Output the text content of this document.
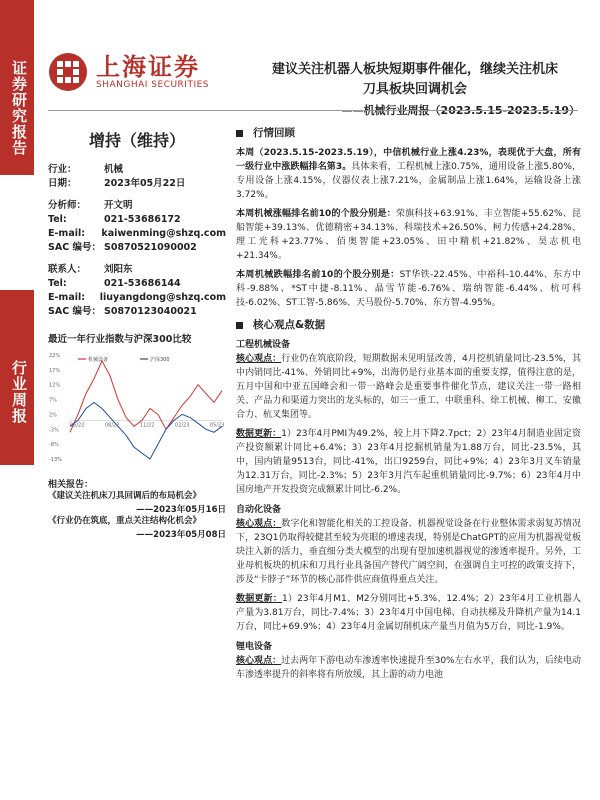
证券研究报告
行业周报
上海证券
SHANGHAI SECURITIES
建议关注机器人板块短期事件催化，继续关注机床
刀具板块回调机会
——机械行业周报（2023.5.15-2023.5.19）
增持（维持）
行业：	机械
日期：	2023年05月22日
分析师：	开文明
Tel:	021-53686172
E-mail:	kaiwenming@shzq.com
SAC 编号： S0870521090002
联系人：	刘阳东
Tel:	021-53686144
E-mail:	liuyangdong@shzq.com
SAC 编号： S0870123040021
最近一年行业指数与沪深300比较
-13%
-8%
-3%
2%
7%
12%
17%
22%
05/22	08/22	11/22	02/23	05/23
机械设备	沪深300
相关报告：
《建议关注机床刀具回调后的布局机会》
——2023年05月16日
《行业仍在筑底，重点关注结构化机会》
——2023年05月08日
行情回顾

本周（2023.5.15-2023.5.19），中信机械行业上涨4.23%，表现优于大盘，所有一级行业中涨跌幅排名第3。具体来看，工程机械上涨0.75%，通用设备上涨5.80%，专用设备上涨4.15%，仪器仪表上涨7.21%，金属制品上涨1.64%，运输设备上涨3.72%。

本周机械涨幅排名前10的个股分别是：荣旗科技+63.91%、丰立智能+55.62%、昆船智能+39.13%、优德精密+34.13%、科瑞技术+26.50%、柯力传感+24.28%、理工光科+23.77%、佰奥智能+23.05%、田中精机+21.82%、昊志机电+21.34%。

本周机械跌幅排名前10的个股分别是：ST华铁-22.45%、中裕科-10.44%、东方中科-9.88%、*ST中捷-8.11%、晶雪节能-6.76%、瑞纳智能-6.44%、杭可科技-6.02%、ST工智-5.86%、天马股份-5.70%、东方智-4.95%。

核心观点&数据
工程机械设备

核心观点：行业仍在筑底阶段，短期数据未见明显改善，4月挖机销量同比-23.5%，其中内销同比-41%、外销同比+9%，出海仍是行业基本面的重要支撑，值得注意的是，五月中国和中亚五国峰会和一带一路峰会是重要事件催化节点，建议关注一带一路相关、产品力和渠道力突出的龙头标的，如三一重工、中联重科、徐工机械、柳工、安徽合力、杭叉集团等。

数据更新：1）23年4月PMI为49.2%，较上月下降2.7pct；2）23年4月制造业固定资产投资额累计同比+6.4%；3）23年4月挖掘机销量为1.88万台，同比-23.5%，其中，国内销量9513台，同比-41%，出口9259台，同比+9%；4）23年3月叉车销量为12.31万台，同比-2.3%；5）23年3月汽车起重机销量同比-9.7%；6）23年4月中国房地产开发投资完成额累计同比-6.2%。

自动化设备

核心观点：数字化和智能化相关的工控设备、机器视觉设备在行业整体需求弱复苏情况下，23Q1仍取得较健甚至较为亮眼的增速表现，特别是ChatGPT的应用为机器视觉板块注入新的活力，垂直细分类大模型的出现有望加速机器视觉的渗透率提升。另外，工业母机板块的机床和刀具行业具备国产替代广阔空间，在强调自主可控的政策支持下，涉及“卡脖子”环节的核心部件供应商值得重点关注。

数据更新：1）23年4月M1、M2分别同比+5.3%、12.4%；2）23年4月工业机器人产量为3.81万台，同比-7.4%；3）23年4月中国电梯、自动扶梯及升降机产量为14.1万台，同比+69.9%；4）23年4月金属切削机床产量当月值为5万台，同比-1.9%。

锂电设备

核心观点：过去两年下游电动车渗透率快速提升至30%左右水平，我们认为，后续电动车渗透率提升的斜率将有所放缓，其上游的动力电池
